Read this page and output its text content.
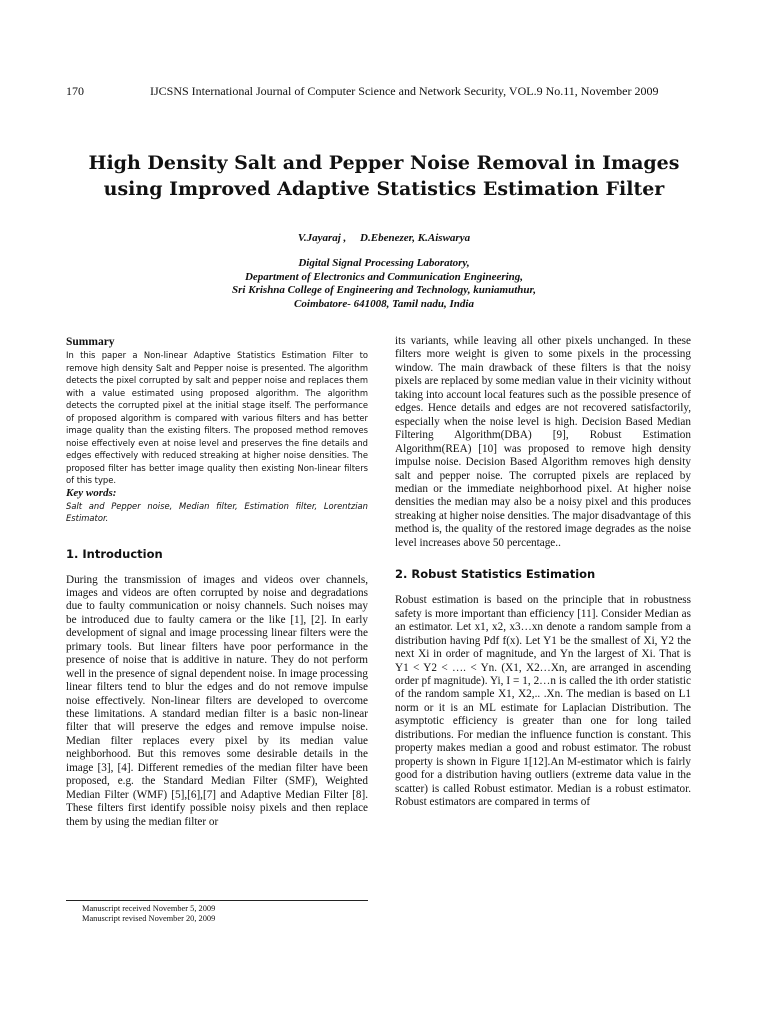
170	IJCSNS International Journal of Computer Science and Network Security, VOL.9 No.11, November 2009
High Density Salt and Pepper Noise Removal in Images
using Improved Adaptive Statistics Estimation Filter
V.Jayaraj ,     D.Ebenezer, K.Aiswarya
Digital Signal Processing Laboratory,
Department of Electronics and Communication Engineering,
Sri Krishna College of Engineering and Technology, kuniamuthur,
Coimbatore- 641008, Tamil nadu, India

Summary

In this paper a Non-linear Adaptive Statistics Estimation Filter to remove high density Salt and Pepper noise is presented. The algorithm detects the pixel corrupted by salt and pepper noise and replaces them with a value estimated using proposed algorithm. The algorithm detects the corrupted pixel at the initial stage itself. The performance of proposed algorithm is compared with various filters and has better image quality than the existing filters. The proposed method removes noise effectively even at noise level and preserves the fine details and edges effectively with reduced streaking at higher noise densities. The proposed filter has better image quality then existing Non-linear filters of this type.

Key words:

Salt and Pepper noise, Median filter, Estimation filter, Lorentzian Estimator.

1. Introduction

During the transmission of images and videos over channels, images and videos are often corrupted by noise and degradations due to faulty communication or noisy channels. Such noises may be introduced due to faulty camera or the like [1], [2]. In early development of signal and image processing linear filters were the primary tools. But linear filters have poor performance in the presence of noise that is additive in nature. They do not perform well in the presence of signal dependent noise. In image processing linear filters tend to blur the edges and do not remove impulse noise effectively. Non-linear filters are developed to overcome these limitations. A standard median filter is a basic non-linear filter that will preserve the edges and remove impulse noise. Median filter replaces every pixel by its median value neighborhood. But this removes some desirable details in the image [3], [4]. Different remedies of the median filter have been proposed, e.g. the Standard Median Filter (SMF), Weighted Median Filter (WMF) [5],[6],[7] and Adaptive Median Filter [8]. These filters first identify possible noisy pixels and then replace them by using the median filter or

its variants, while leaving all other pixels unchanged. In these filters more weight is given to some pixels in the processing window. The main drawback of these filters is that the noisy pixels are replaced by some median value in their vicinity without taking into account local features such as the possible presence of edges. Hence details and edges are not recovered satisfactorily, especially when the noise level is high. Decision Based Median Filtering Algorithm(DBA) [9], Robust Estimation Algorithm(REA) [10] was proposed to remove high density impulse noise. Decision Based Algorithm removes high density salt and pepper noise. The corrupted pixels are replaced by median or the immediate neighborhood pixel. At higher noise densities the median may also be a noisy pixel and this produces streaking at higher noise densities. The major disadvantage of this method is, the quality of the restored image degrades as the noise level increases above 50 percentage..

2. Robust Statistics Estimation

Robust estimation is based on the principle that in robustness safety is more important than efficiency [11]. Consider Median as an estimator. Let x1, x2, x3…xn denote a random sample from a distribution having Pdf f(x). Let Y1 be the smallest of Xi, Y2 the next Xi in order of magnitude, and Yn the largest of Xi. That is Y1 < Y2 < …. < Yn. (X1, X2…Xn, are arranged in ascending order pf magnitude). Yi, I = 1, 2…n is called the ith order statistic of the random sample X1, X2,.. .Xn. The median is based on L1 norm or it is an ML estimate for Laplacian Distribution. The asymptotic efficiency is greater than one for long tailed distributions. For median the influence function is constant. This property makes median a good and robust estimator. The robust property is shown in Figure 1[12].An M-estimator which is fairly good for a distribution having outliers (extreme data value in the scatter) is called Robust estimator. Median is a robust estimator. Robust estimators are compared in terms of

Manuscript received November 5, 2009
Manuscript revised November 20, 2009
